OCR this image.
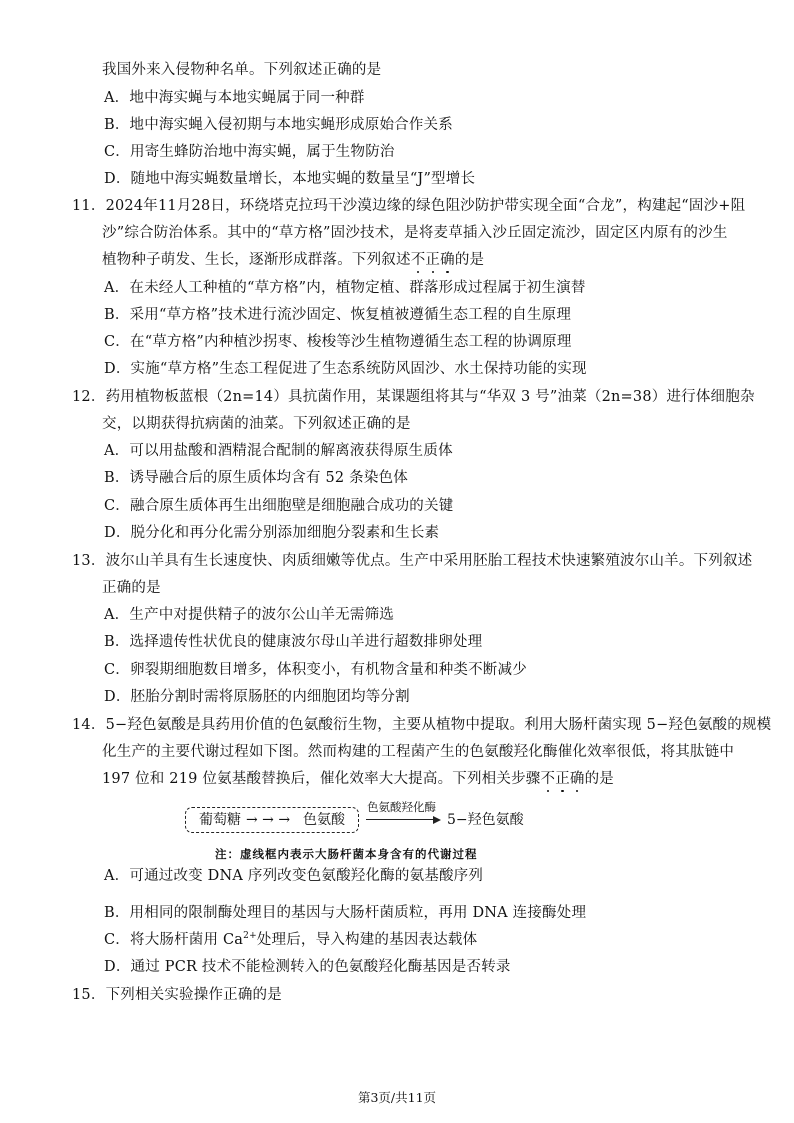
我国外来入侵物种名单。下列叙述正确的是
A．地中海实蝇与本地实蝇属于同一种群
B．地中海实蝇入侵初期与本地实蝇形成原始合作关系
C．用寄生蜂防治地中海实蝇，属于生物防治
D．随地中海实蝇数量增长，本地实蝇的数量呈“J”型增长
11．2024年11月28日，环绕塔克拉玛干沙漠边缘的绿色阻沙防护带实现全面“合龙”，构建起“固沙+阻
沙”综合防治体系。其中的“草方格”固沙技术，是将麦草插入沙丘固定流沙，固定区内原有的沙生
植物种子萌发、生长，逐渐形成群落。下列叙述不正确的是
A．在未经人工种植的“草方格”内，植物定植、群落形成过程属于初生演替
B．采用“草方格”技术进行流沙固定、恢复植被遵循生态工程的自生原理
C．在“草方格”内种植沙拐枣、梭梭等沙生植物遵循生态工程的协调原理
D．实施“草方格”生态工程促进了生态系统防风固沙、水土保持功能的实现
12．药用植物板蓝根（2n=14）具抗菌作用，某课题组将其与“华双 3 号”油菜（2n=38）进行体细胞杂
交，以期获得抗病菌的油菜。下列叙述正确的是
A．可以用盐酸和酒精混合配制的解离液获得原生质体
B．诱导融合后的原生质体均含有 52 条染色体
C．融合原生质体再生出细胞壁是细胞融合成功的关键
D．脱分化和再分化需分别添加细胞分裂素和生长素
13．波尔山羊具有生长速度快、肉质细嫩等优点。生产中采用胚胎工程技术快速繁殖波尔山羊。下列叙述
正确的是
A．生产中对提供精子的波尔公山羊无需筛选
B．选择遗传性状优良的健康波尔母山羊进行超数排卵处理
C．卵裂期细胞数目增多，体积变小，有机物含量和种类不断减少
D．胚胎分割时需将原肠胚的内细胞团均等分割
14．5−羟色氨酸是具药用价值的色氨酸衍生物，主要从植物中提取。利用大肠杆菌实现 5−羟色氨酸的规模
化生产的主要代谢过程如下图。然而构建的工程菌产生的色氨酸羟化酶催化效率很低，将其肽链中
197 位和 219 位氨基酸替换后，催化效率大大提高。下列相关步骤不正确的是
葡萄糖 → → → 色氨酸
色氨酸羟化酶
5−羟色氨酸
注：虚线框内表示大肠杆菌本身含有的代谢过程
A．可通过改变 DNA 序列改变色氨酸羟化酶的氨基酸序列
B．用相同的限制酶处理目的基因与大肠杆菌质粒，再用 DNA 连接酶处理
C．将大肠杆菌用 $Ca^{2+}$处理后，导入构建的基因表达载体
D．通过 PCR 技术不能检测转入的色氨酸羟化酶基因是否转录
15．下列相关实验操作正确的是
第3页/共11页
